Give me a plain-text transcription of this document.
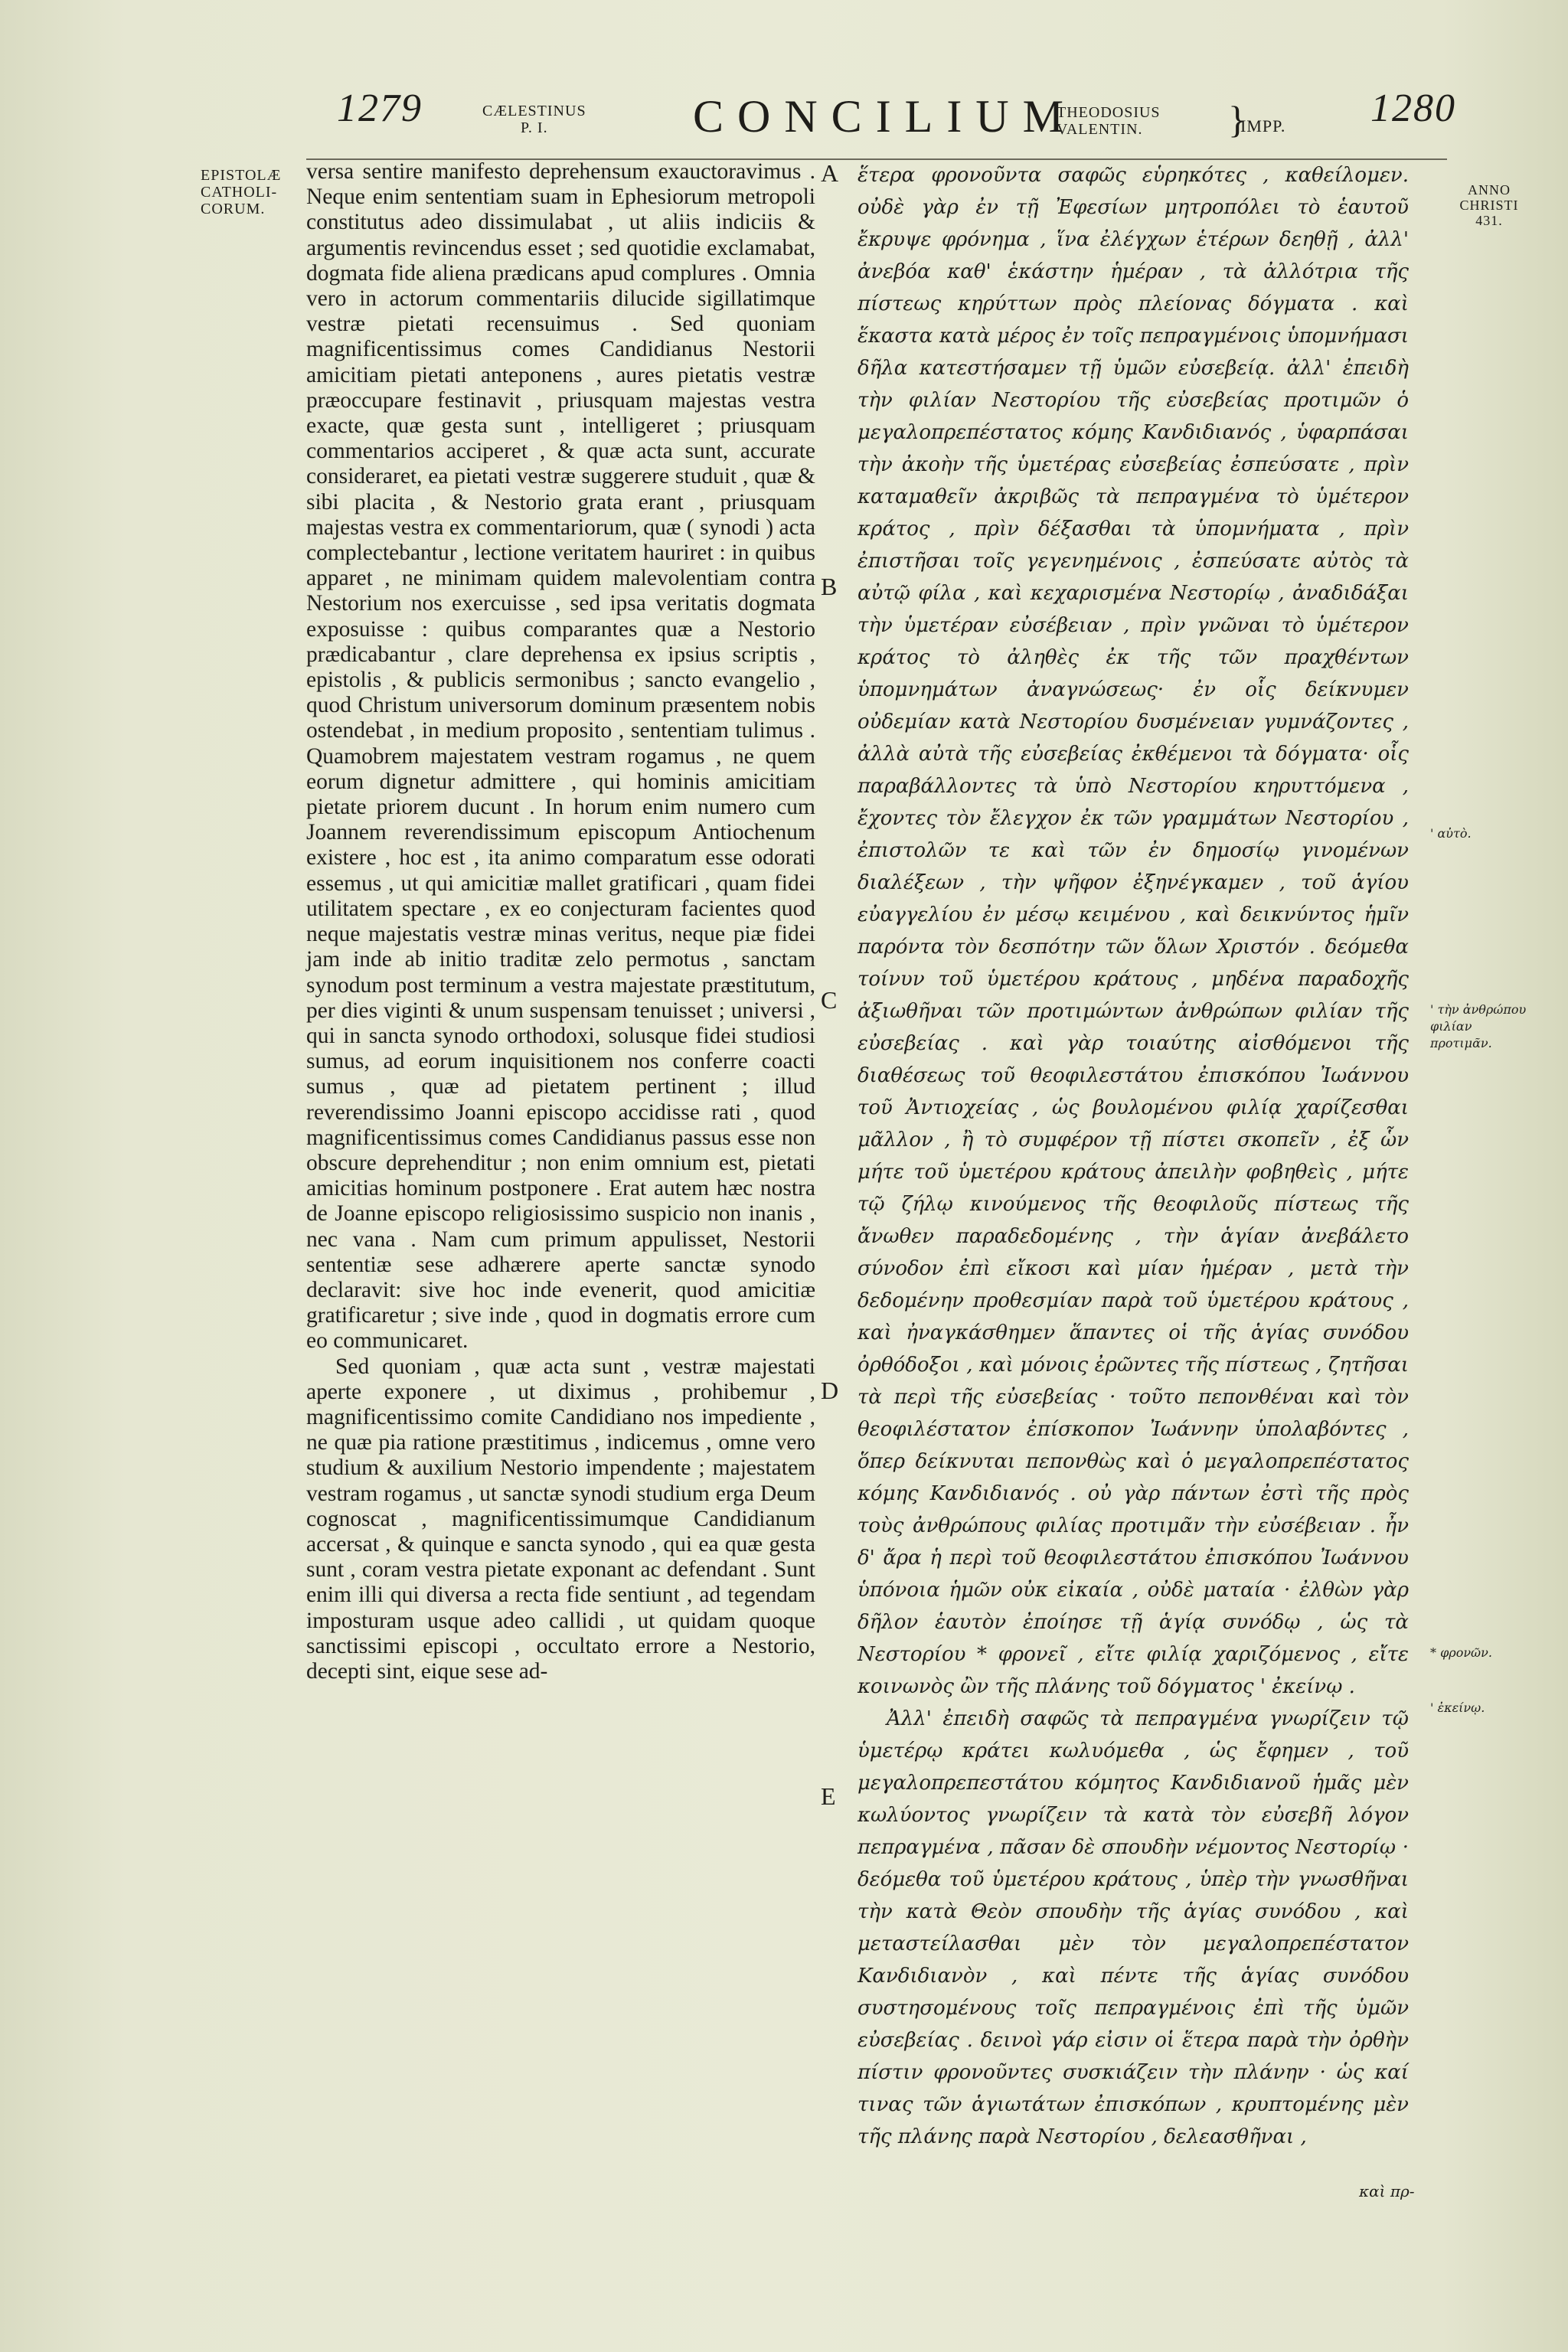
1279	CÆLESTINUS
P. I.	CONCILIUM
THEODOSIUS
VALENTIN.	}
IMPP. 1280
EPISTOLÆ
CATHOLI-
CORUM.

versa sentire manifesto deprehensum exauctoravimus . Neque enim sententiam suam in Ephesiorum metropoli constitutus adeo dissimulabat , ut aliis indiciis & argumentis revincendus esset ; sed quotidie exclamabat, dogmata fide aliena prædicans apud complures . Omnia vero in actorum commentariis dilucide sigillatimque vestræ pietati recensuimus . Sed quoniam magnificentissimus comes Candidianus Nestorii amicitiam pietati anteponens , aures pietatis vestræ præoccupare festinavit , priusquam majestas vestra exacte, quæ gesta sunt , intelligeret ; priusquam commentarios acciperet , & quæ acta sunt, accurate consideraret, ea pietati vestræ suggerere studuit , quæ & sibi placita , & Nestorio grata erant , priusquam majestas vestra ex commentariorum, quæ ( synodi ) acta complectebantur , lectione veritatem hauriret : in quibus apparet , ne minimam quidem malevolentiam contra Nestorium nos exercuisse , sed ipsa veritatis dogmata exposuisse : quibus comparantes quæ a Nestorio prædicabantur , clare deprehensa ex ipsius scriptis , epistolis , & publicis sermonibus ; sancto evangelio , quod Christum universorum dominum præsentem nobis ostendebat , in medium proposito , sententiam tulimus . Quamobrem majestatem vestram rogamus , ne quem eorum dignetur admittere , qui hominis amicitiam pietate priorem ducunt . In horum enim numero cum Joannem reverendissimum episcopum Antiochenum existere , hoc est , ita animo comparatum esse odorati essemus , ut qui amicitiæ mallet gratificari , quam fidei utilitatem spectare , ex eo conjecturam facientes quod neque majestatis vestræ minas veritus, neque piæ fidei jam inde ab initio traditæ zelo permotus , sanctam synodum post terminum a vestra majestate præstitutum, per dies viginti & unum suspensam tenuisset ; universi , qui in sancta synodo orthodoxi, solusque fidei studiosi sumus, ad eorum inquisitionem nos conferre coacti sumus , quæ ad pietatem pertinent ; illud reverendissimo Joanni episcopo accidisse rati , quod magnificentissimus comes Candidianus passus esse non obscure deprehenditur ; non enim omnium est, pietati amicitias hominum postponere . Erat autem hæc nostra de Joanne episcopo religiosissimo suspicio non inanis , nec vana . Nam cum primum appulisset, Nestorii sententiæ sese adhærere aperte sanctæ synodo declaravit: sive hoc inde evenerit, quod amicitiæ gratificaretur ; sive inde , quod in dogmatis errore cum eo communicaret.

Sed quoniam , quæ acta sunt , vestræ majestati aperte exponere , ut diximus , prohibemur , magnificentissimo comite Candidiano nos impediente , ne quæ pia ratione præstitimus , indicemus , omne vero studium & auxilium Nestorio impendente ; majestatem vestram rogamus , ut sanctæ synodi studium erga Deum cognoscat , magnificentissimumque Candidianum accersat , & quinque e sancta synodo , qui ea quæ gesta sunt , coram vestra pietate exponant ac defendant . Sunt enim illi qui diversa a recta fide sentiunt , ad tegendam imposturam usque adeo callidi , ut quidam quoque sanctissimi episcopi , occultato errore a Nestorio, decepti sint, eique sese ad-

A
B
C
D
E

ἕτερα φρονοῦντα σαφῶς εὑρηκότες , καθείλομεν. οὐδὲ γὰρ ἐν τῇ Ἐφεσίων μητροπόλει τὸ ἑαυτοῦ ἔκρυψε φρόνημα , ἵνα ἐλέγχων ἑτέρων δεηθῇ , ἀλλ' ἀνεβόα καθ' ἑκάστην ἡμέραν , τὰ ἀλλότρια τῆς πίστεως κηρύττων πρὸς πλείονας δόγματα . καὶ ἕκαστα κατὰ μέρος ἐν τοῖς πεπραγμένοις ὑπομνήμασι δῆλα κατεστήσαμεν τῇ ὑμῶν εὐσεβείᾳ. ἀλλ' ἐπειδὴ τὴν φιλίαν Νεστορίου τῆς εὐσεβείας προτιμῶν ὁ μεγαλοπρεπέστατος κόμης Κανδιδιανός , ὑφαρπάσαι τὴν ἀκοὴν τῆς ὑμετέρας εὐσεβείας ἐσπεύσατε , πρὶν καταμαθεῖν ἀκριβῶς τὰ πεπραγμένα τὸ ὑμέτερον κράτος , πρὶν δέξασθαι τὰ ὑπομνήματα , πρὶν ἐπιστῆσαι τοῖς γεγενημένοις , ἐσπεύσατε αὐτὸς τὰ αὐτῷ φίλα , καὶ κεχαρισμένα Νεστορίῳ , ἀναδιδάξαι τὴν ὑμετέραν εὐσέβειαν , πρὶν γνῶναι τὸ ὑμέτερον κράτος τὸ ἀληθὲς ἐκ τῆς τῶν πραχθέντων ὑπομνημάτων ἀναγνώσεως· ἐν οἷς δείκνυμεν οὐδεμίαν κατὰ Νεστορίου δυσμένειαν γυμνάζοντες , ἀλλὰ αὐτὰ τῆς εὐσεβείας ἐκθέμενοι τὰ δόγματα· οἷς παραβάλλοντες τὰ ὑπὸ Νεστορίου κηρυττόμενα , ἔχοντες τὸν ἔλεγχον ἐκ τῶν γραμμάτων Νεστορίου , ἐπιστολῶν τε καὶ τῶν ἐν δημοσίῳ γινομένων διαλέξεων , τὴν ψῆφον ἐξηνέγκαμεν , τοῦ ἁγίου εὐαγγελίου ἐν μέσῳ κειμένου , καὶ δεικνύντος ἡμῖν παρόντα τὸν δεσπότην τῶν ὅλων Χριστόν . δεόμεθα τοίνυν τοῦ ὑμετέρου κράτους , μηδένα παραδοχῆς ἀξιωθῆναι τῶν προτιμώντων ἀνθρώπων φιλίαν τῆς εὐσεβείας . καὶ γὰρ τοιαύτης αἰσθόμενοι τῆς διαθέσεως τοῦ θεοφιλεστάτου ἐπισκόπου Ἰωάννου τοῦ Ἀντιοχείας , ὡς βουλομένου φιλίᾳ χαρίζεσθαι μᾶλλον , ἢ τὸ συμφέρον τῇ πίστει σκοπεῖν , ἐξ ὧν μήτε τοῦ ὑμετέρου κράτους ἀπειλὴν φοβηθεὶς , μήτε τῷ ζήλῳ κινούμενος τῆς θεοφιλοῦς πίστεως τῆς ἄνωθεν παραδεδομένης , τὴν ἁγίαν ἀνεβάλετο σύνοδον ἐπὶ εἴκοσι καὶ μίαν ἡμέραν , μετὰ τὴν δεδομένην προθεσμίαν παρὰ τοῦ ὑμετέρου κράτους , καὶ ἠναγκάσθημεν ἅπαντες οἱ τῆς ἁγίας συνόδου ὀρθόδοξοι , καὶ μόνοις ἐρῶντες τῆς πίστεως , ζητῆσαι τὰ περὶ τῆς εὐσεβείας · τοῦτο πεπονθέναι καὶ τὸν θεοφιλέστατον ἐπίσκοπον Ἰωάννην ὑπολαβόντες , ὅπερ δείκνυται πεπονθὼς καὶ ὁ μεγαλοπρεπέστατος κόμης Κανδιδιανός . οὐ γὰρ πάντων ἐστὶ τῆς πρὸς τοὺς ἀνθρώπους φιλίας προτιμᾶν τὴν εὐσέβειαν . ἦν δ' ἄρα ἡ περὶ τοῦ θεοφιλεστάτου ἐπισκόπου Ἰωάννου ὑπόνοια ἡμῶν οὐκ εἰκαία , οὐδὲ ματαία · ἐλθὼν γὰρ δῆλον ἑαυτὸν ἐποίησε τῇ ἁγίᾳ συνόδῳ , ὡς τὰ Νεστορίου * φρονεῖ , εἴτε φιλίᾳ χαριζόμενος , εἴτε κοινωνὸς ὢν τῆς πλάνης τοῦ δόγματος ' ἐκείνῳ .

Ἀλλ' ἐπειδὴ σαφῶς τὰ πεπραγμένα γνωρίζειν τῷ ὑμετέρῳ κράτει κωλυόμεθα , ὡς ἔφημεν , τοῦ μεγαλοπρεπεστάτου κόμητος Κανδιδιανοῦ ἡμᾶς μὲν κωλύοντος γνωρίζειν τὰ κατὰ τὸν εὐσεβῆ λόγον πεπραγμένα , πᾶσαν δὲ σπουδὴν νέμοντος Νεστορίῳ · δεόμεθα τοῦ ὑμετέρου κράτους , ὑπὲρ τὴν γνωσθῆναι τὴν κατὰ Θεὸν σπουδὴν τῆς ἁγίας συνόδου , καὶ μεταστείλασθαι μὲν τὸν μεγαλοπρεπέστατον Κανδιδιανὸν , καὶ πέντε τῆς ἁγίας συνόδου συστησομένους τοῖς πεπραγμένοις ἐπὶ τῆς ὑμῶν εὐσεβείας . δεινοὶ γάρ εἰσιν οἱ ἕτερα παρὰ τὴν ὀρθὴν πίστιν φρονοῦντες συσκιάζειν τὴν πλάνην · ὡς καί τινας τῶν ἁγιωτάτων ἐπισκόπων , κρυπτομένης μὲν τῆς πλάνης παρὰ Νεστορίου , δελεασθῆναι ,

καὶ πρ-
ANNO
CHRISTI
431.
' αὐτὸ.
' τὴν ἀνθρώπου φιλίαν προτιμᾶν.
* φρονῶν.
' ἐκείνῳ.
